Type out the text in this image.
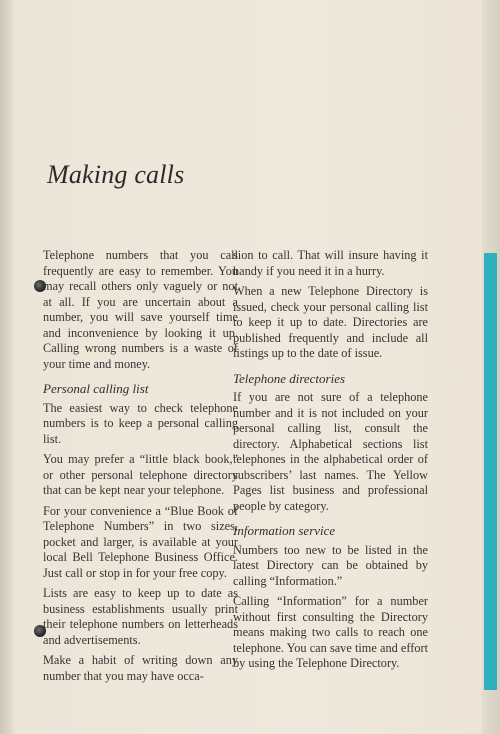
Making calls

Telephone numbers that you call frequently are easy to remember. You may recall others only vaguely or not at all. If you are uncertain about a number, you will save yourself time and inconvenience by looking it up. Calling wrong numbers is a waste of your time and money.

Personal calling list

The easiest way to check telephone numbers is to keep a personal calling list.

You may prefer a “little black book,” or other personal telephone directory that can be kept near your telephone.

For your convenience a “Blue Book of Telephone Numbers” in two sizes, pocket and larger, is available at your local Bell Telephone Business Office. Just call or stop in for your free copy.

Lists are easy to keep up to date as business establishments usually print their telephone numbers on letterheads and advertisements.

Make a habit of writing down any number that you may have occa-

sion to call. That will insure having it handy if you need it in a hurry.

When a new Telephone Directory is issued, check your personal calling list to keep it up to date. Directories are published frequently and include all listings up to the date of issue.

Telephone directories

If you are not sure of a telephone number and it is not included on your personal calling list, consult the directory. Alphabetical sections list telephones in the alphabetical order of subscribers’ last names. The Yellow Pages list business and professional people by category.

Information service

Numbers too new to be listed in the latest Directory can be obtained by calling “Information.”

Calling “Information” for a number without first consulting the Directory means making two calls to reach one telephone. You can save time and effort by using the Telephone Directory.
